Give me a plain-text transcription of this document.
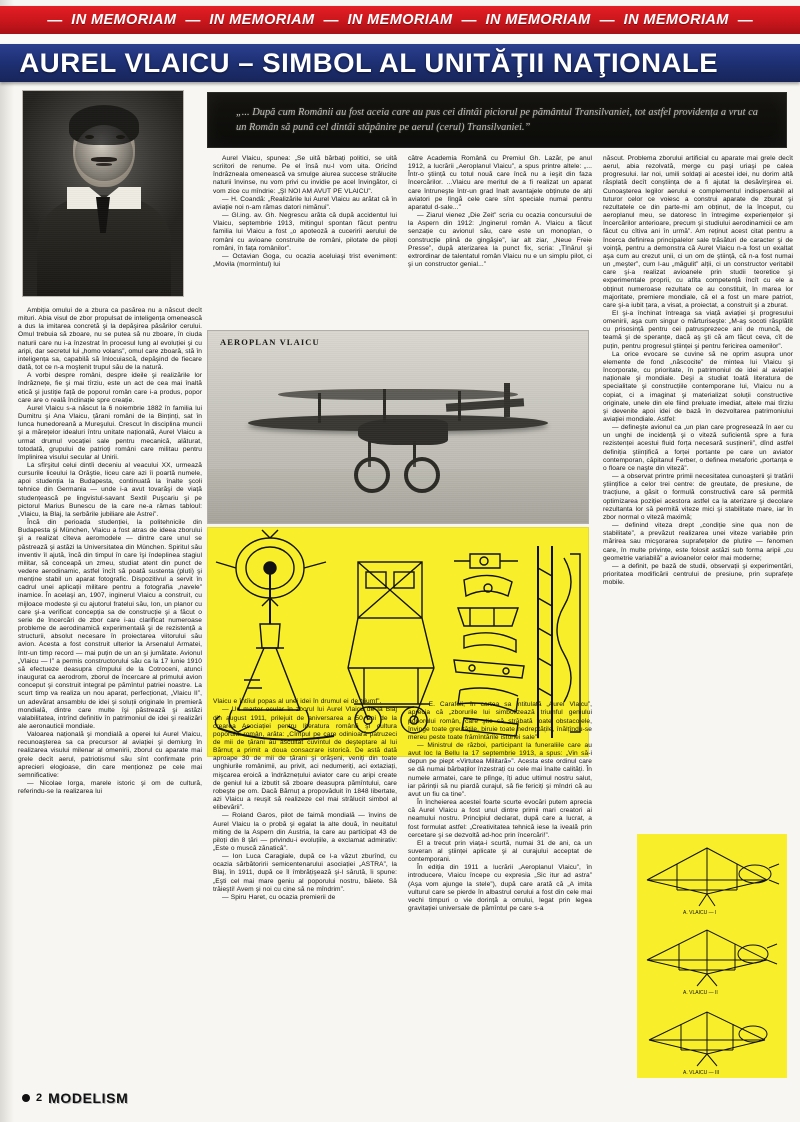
— IN MEMORIAM — IN MEMORIAM — IN MEMORIAM — IN MEMORIAM — IN MEMORIAM —
AUREL VLAICU – SIMBOL AL UNITĂŢII NAŢIONALE
„... După cum Românii au fost aceia care au pus cei dintâi piciorul pe pământul Transilvaniei, tot astfel providența a vrut ca un Român să pună cel dintâi stăpânire pe aerul (cerul) Transilvaniei.”
AEROPLAN VLAICU
A. VLAICU — I
A. VLAICU — II
A. VLAICU — III

Ambiția omului de a zbura ca pasărea nu a născut decît mituri. Abia visul de zbor propulsat de inteligența omenească a dus la imitarea concretă şi la depăşirea păsărilor cerului. Omul trebuia să zboare, nu se putea să nu zboare, în ciuda naturii care nu i-a înzestrat în procesul lung al evoluției şi cu aripi, dar secretul lui „homo volans”, omul care zboară, stă în inteligența sa, capabilă să înlocuiască, depăşind de fiecare dată, tot ce n-a moştenit trupul său de la natură.

A vorbi despre români, despre ideile şi realizările lor îndrăznețe, fie şi mai tîrziu, este un act de cea mai înaltă etică şi justiție față de poporul român care i-a produs, popor care are o reală înclinație spre creație.

Aurel Vlaicu s-a născut la 6 noiembrie 1882 în familia lui Dumitru şi Ana Vlaicu, țărani români de la Binținți, sat în lunca hunedoreană a Mureşului. Crescut în disciplina muncii şi a mărețelor idealuri întru unitate națională, Aurel Vlaicu a urmat drumul vocației sale pentru mecanică, alăturat, totodată, grupului de patrioți români care militau pentru împlinirea visului secular al Unirii.

La sfîrşitul celui dintîi deceniu al veacului XX, urmează cursurile liceului la Orăştie, liceu care azi îi poartă numele, apoi studenția la Budapesta, continuată la înalte şcoli tehnice din Germania — unde i-a avut tovarăşi de viață studențească pe lingvistul-savant Sextil Puşcariu şi pe pictorul Marius Bunescu de la care ne-a rămas tabloul: „Vlaicu, la Blaj, la serbările jubiliare ale Astrei”.

Încă din perioada studenției, la politehnicile din Budapesta şi München, Vlaicu a fost atras de ideea zborului şi a realizat cîteva aeromodele — dintre care unul se păstrează şi astăzi la Universitatea din München. Spiritul său inventiv îl ajută, încă din timpul în care îşi îndeplinea stagiul militar, să conceapă un zmeu, studiat atent din punct de vedere aerodinamic, astfel încît să poată sustenta (pluti) şi menține stabil un aparat fotografic. Dispozitivul a servit în cadrul unei aplicații militare pentru a fotografia „navele” inamice. În acelaşi an, 1907, inginerul Vlaicu a construit, cu mijloace modeste şi cu ajutorul fratelui său, Ion, un planor cu care şi-a verificat concepția sa de construcție şi a făcut o serie de încercări de zbor care i-au clarificat numeroase probleme de aerodinamică experimentală şi de rezistență a structurii, absolut necesare în proiectarea viitorului său avion. Acesta a fost construit ulterior la Arsenalul Armatei, într-un timp record — mai puțin de un an şi jumătate. Avionul „Vlaicu — I” a permis constructorului său ca la 17 iunie 1910 să efectueze deasupra cîmpului de la Cotroceni, atunci inaugurat ca aerodrom, zborul de încercare al primului avion conceput şi construit integral pe pămîntul patriei noastre. La scurt timp va realiza un nou aparat, perfecționat, „Vlaicu II”, un adevărat ansamblu de idei şi soluții originale în premieră mondială, dintre care multe îşi păstrează şi astăzi valabilitatea, intrînd definitiv în patrimoniul de idei şi realizări ale aeronauticii mondiale.

Valoarea națională şi mondială a operei lui Aurel Vlaicu, recunoaşterea sa ca precursor al aviației şi demiurg în realizarea visului milenar al omenirii, zborul cu aparate mai grele decît aerul, patriotismul său sînt confirmate prin aprecieri elogioase, din care menționez pe cele mai semnificative:

— Nicolae Iorga, marele istoric şi om de cultură, referindu-se la realizarea lui

Aurel Vlaicu, spunea: „Se uită bărbați politici, se uită scriitori de renume. Pe el însă nu-l vom uita. Oricînd îndrăzneala omenească va smulge aiurea succese strălucite naturii învinse, nu vom privi cu invidie pe acel învingător, ci vom zice cu mîndrie: „ŞI NOI AM AVUT PE VLAICU”.

— H. Coandă: „Realizările lui Aurel Vlaicu au arătat că în aviație noi n-am rămas datori nimănui”.

— Gl.ing. av. Gh. Negrescu arăta că după accidentul lui Vlaicu, septembrie 1913, mitingul spontan făcut pentru familia lui Vlaicu a fost „o apoteoză a cuceririi aerului de români cu avioane construite de români, pilotate de piloți români, în fața românilor”.

— Octavian Goga, cu ocazia aceluiaşi trist eveniment: „Movila (mormîntul) lui

Vlaicu e întîiul popas al unei idei în drumul ei de triumf”.

— Un martor ocular în zborul lui Aurel Vlaicu de la Blaj din august 1911, prilejuit de aniversarea a 50 ani de la crearea Asociației pentru literatura română şi cultura poporului român, arăta: „Cîmpul pe care odinioară patruzeci de mii de țărani au ascultat cuvîntul de deşteptare al lui Bărnuț a primit a doua consacrare istorică. De astă dată aproape 30 de mii de țărani şi orăşeni, veniți din toate unghiurile românimii, au privit, aci nedumeriți, aci extaziați, mişcarea eroică a îndrăznețului aviator care cu aripi create de geniul lui a izbutit să zboare deasupra pămîntului, care robeşte pe om. Dacă Bărnuț a propovăduit în 1848 libertate, azi Vlaicu a reuşit să realizeze cel mai strălucit simbol al elibevării”.

— Roland Garos, pilot de faimă mondială — învins de Aurel Vlaicu la o probă şi egalat la alte două, în neuitatul miting de la Aspern din Austria, la care au participat 43 de piloți din 8 țări — privindu-i evoluțiile, a exclamat admirativ: „Este o muscă zănatică”.

— Ion Luca Caragiale, după ce l-a văzut zburînd, cu ocazia sărbătoririi semicentenarului asociației „ASTRA”, la Blaj, în 1911, după ce îl îmbrățişează şi-l sărută, îi spune: „Eşti cel mai mare geniu al poporului nostru, băiete. Să trăieşti! Avem şi noi cu cine să ne mîndrim”.

— Spiru Haret, cu ocazia premierii de

către Academia Română cu Premiul Gh. Lazăr, pe anul 1912, a lucrării „Aeroplanul Vlaicu”, a spus printre altele: „... Într-o ştiință cu totul nouă care încă nu a ieşit din faza încercărilor. ...Vlaicu are meritul de a fi realizat un aparat care întruneşte într-un grad înalt avantajele obținute de alți aviatori pe lîngă cele care sînt speciale numai pentru aparatul d-sale...”

— Ziarul vienez „Die Zeit” scria cu ocazia concursului de la Aspern din 1912: „Inginerul român A. Vlaicu a făcut senzație cu avionul său, care este un monoplan, o construcție plină de gingăşie”, iar alt ziar, „Neue Freie Presse”, după aterizarea la punct fix, scria: „Tînărul şi extrordinar de talentatul român Vlaicu nu e un simplu pilot, ci şi un constructor genial...”

— E. Carafoli, în cartea sa intitulată „Aurel Vlaicu”, aprecia că „zborurile lui simbolizează triumful geniului poporului român, care ştie să străbată toate obstacolele, învinge toate greutățile, biruie toate nedreptățile, înălțîndu-se mereu peste toate frămîntările istoriei sale”.

— Ministrul de război, participant la funeraliile care au avut loc la Bellu la 17 septembrie 1913, a spus: „Vin să-i depun pe piept «Virtutea Militară»”. Acesta este ordinul care se dă numai bărbaților înzestrați cu cele mai înalte calități. În numele armatei, care te plînge, îți aduc ultimul nostru salut, iar părinții să nu piardă curajul, să fie fericiți şi mîndri că au avut un fiu ca tine”.

În încheierea acestei foarte scurte evocări putem aprecia că Aurel Vlaicu a fost unul dintre primii mari creatori ai neamului nostru. Principiul declarat, după care a lucrat, a fost formulat astfel: „Creativitatea tehnică iese la iveală prin cercetare şi se dezvoltă ad-hoc prin încercări!”.

El a trecut prin viața-i scurtă, numai 31 de ani, ca un suveran al ştiinței aplicate şi al curajului acceptat de contemporani.

În ediția din 1911 a lucrării „Aeroplanul Vlaicu”, în introducere, Vlaicu începe cu expresia „Sic itur ad astra” (Aşa vom ajunge la stele”), după care arată că „A imita vulturul care se pierde în albastrul cerului a fost din cele mai vechi timpuri o vie dorință a omului, legat prin legea gravitației universale de pămîntul pe care s-a

născut. Problema zborului artificial cu aparate mai grele decît aerul, abia rezolvată, merge cu paşi uriaşi pe calea progresului. Iar noi, umili soldați ai acestei idei, nu dorim altă răsplată decît conştiința de a fi ajutat la desăvîrşirea ei. Cunoaşterea legilor aerului e complementul indispensabil al tuturor celor ce voiesc a construi aparate de zburat şi rezultatele ce din parte-mi am obținut, de la început, cu aeroplanul meu, se datoresc în întregime experiențelor şi încercărilor anterioare, precum şi studiului aerodinamicii ce am făcut cu cîtiva ani în urmă”. Am reținut acest citat pentru a încerca definirea principalelor sale trăsături de caracter şi de voință, pentru a demonstra că Aurel Vlaicu n-a fost un exaltat aşa cum au crezut unii, ci un om de ştiință, că n-a fost numai un „meşter”, cum l-au „măgulit” alții, ci un constructor veritabil care şi-a realizat avioanele prin studii teoretice şi experimentale proprii, cu atîta competență încît cu ele a obținut numeroase rezultate ce au constituit, în marea lor majoritate, premiere mondiale, că el a fost un mare patriot, care şi-a iubit țara, a visat, a proiectat, a construit şi a zburat.

El şi-a închinat întreaga sa viață aviației şi progresului omenirii, aşa cum singur o mărturiseşte: „M-aş socoti răsplătit cu prisosință pentru cei patrusprezece ani de muncă, de teamă şi de speranțe, dacă aş şti că am făcut ceva, cît de puțin, pentru progresul ştiinței şi pentru fericirea oamenilor”.

La orice evocare se cuvine să ne oprim asupra unor elemente de fond „născocite” de mintea lui Vlaicu şi încorporate, cu prioritate, în patrimoniul de idei al aviației naționale şi mondiale. Deşi a studiat toată literatura de specialitate şi construcțiile contemporane lui, Vlaicu nu a copiat, ci a imaginat şi materializat soluții constructive originale, unele din ele fiind preluate imediat, altele mai tîrziu şi devenite apoi idei de bază în dezvoltarea patrimoniului aviației mondiale. Astfel:

— defineşte avionul ca „un plan care progresează în aer cu un unghi de incidență şi o viteză suficientă spre a fura rezistenței acestui fluid forța necesară susținerii”, dînd astfel definiția ştiințifică a forței portante pe care un aviator contemporan, căpitanul Ferber, o definea metaforic „portanța e o floare ce naşte din viteză”.

— a observat printre primii necesitatea cunoaşterii şi tratării ştiințifice a celor trei centre: de greutate, de presiune, de tracțiune, a găsit o formulă constructivă care să permită optimizarea poziției acestora astfel ca la aterizare şi decolare rezultanta lor să permită viteze mici şi stabilitate mare, iar în zbor normal o viteză maximă;

— definind viteza drept „condiție sine qua non de stabilitate”, a prevăzut realizarea unei viteze variabile prin mărirea sau micşorarea suprafețelor de plutire — fenomen care, în multe privințe, este folosit astăzi sub forma aripii „cu geometrie variabilă” a avioanelor celor mai moderne;

— a definit, pe bază de studii, observații şi experimentări, prioritatea modificării centrului de presiune, prin suprafețe mobile.

2 MODELISM
